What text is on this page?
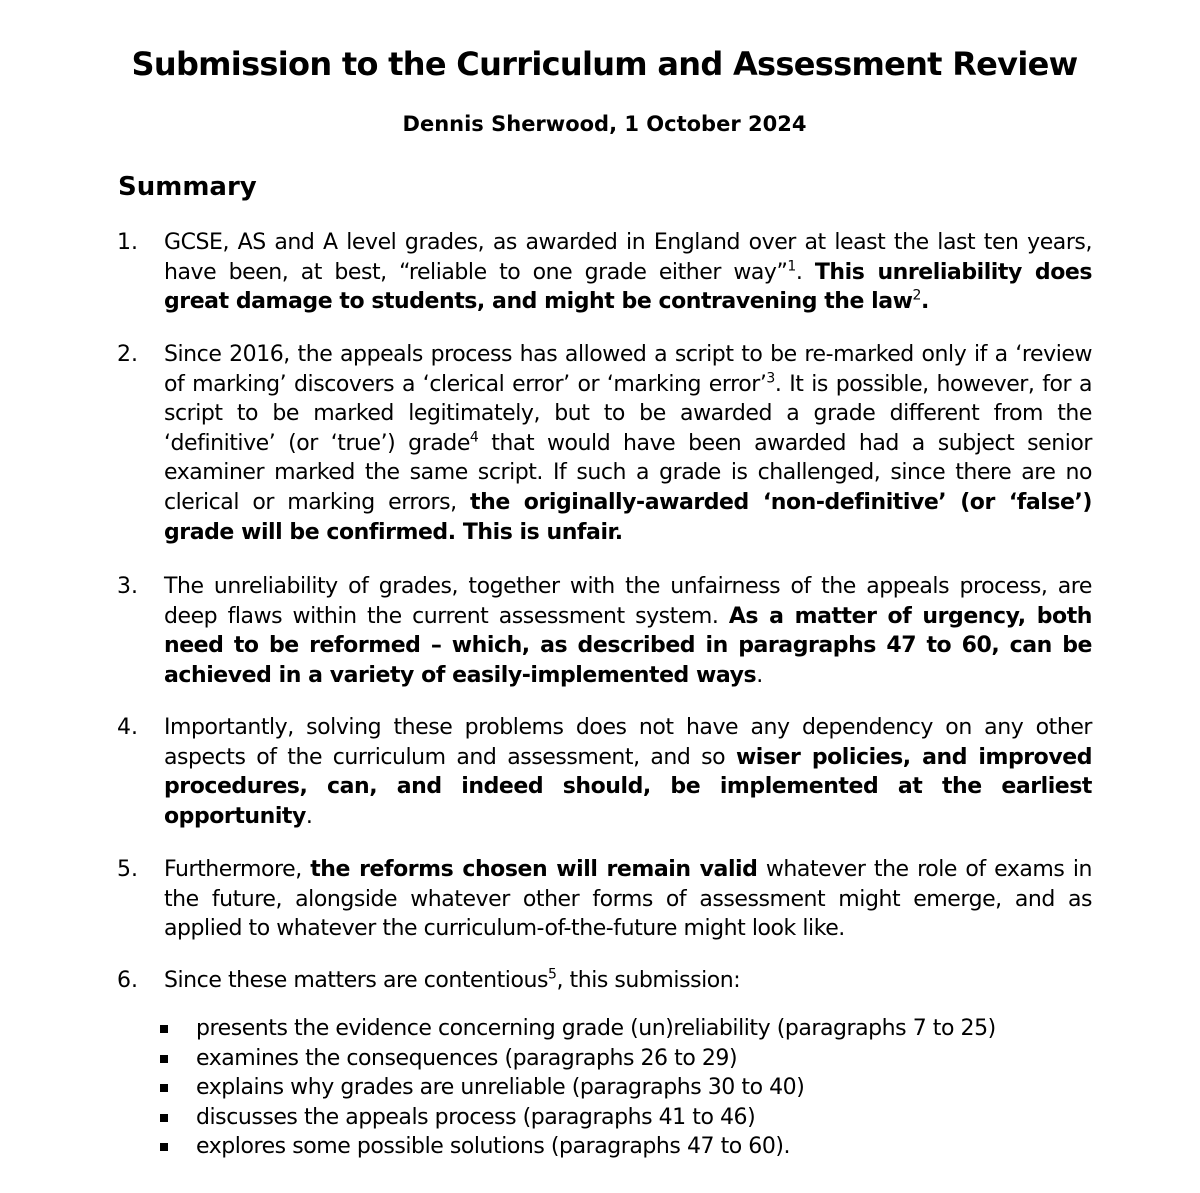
Submission to the Curriculum and Assessment Review
Dennis Sherwood, 1 October 2024
Summary
1. GCSE, AS and A level grades, as awarded in England over at least the last ten years, have been, at best, “reliable to one grade either way”$^1$. This unreliability does great damage to students, and might be contravening the law$^2$.
2. Since 2016, the appeals process has allowed a script to be re-marked only if a ‘review of marking’ discovers a ‘clerical error’ or ‘marking error’$^3$. It is possible, however, for a script to be marked legitimately, but to be awarded a grade different from the ‘definitive’ (or ‘true’) grade$^4$ that would have been awarded had a subject senior examiner marked the same script. If such a grade is challenged, since there are no clerical or marking errors, the originally-awarded ‘non-definitive’ (or ‘false’) grade will be confirmed. This is unfair.
3. The unreliability of grades, together with the unfairness of the appeals process, are deep flaws within the current assessment system. As a matter of urgency, both need to be reformed – which, as described in paragraphs 47 to 60, can be achieved in a variety of easily-implemented ways.
4. Importantly, solving these problems does not have any dependency on any other aspects of the curriculum and assessment, and so wiser policies, and improved procedures, can, and indeed should, be implemented at the earliest opportunity.
5. Furthermore, the reforms chosen will remain valid whatever the role of exams in the future, alongside whatever other forms of assessment might emerge, and as applied to whatever the curriculum-of-the-future might look like.
6. Since these matters are contentious$^5$, this submission:
presents the evidence concerning grade (un)reliability (paragraphs 7 to 25)
examines the consequences (paragraphs 26 to 29)
explains why grades are unreliable (paragraphs 30 to 40)
discusses the appeals process (paragraphs 41 to 46)
explores some possible solutions (paragraphs 47 to 60).
